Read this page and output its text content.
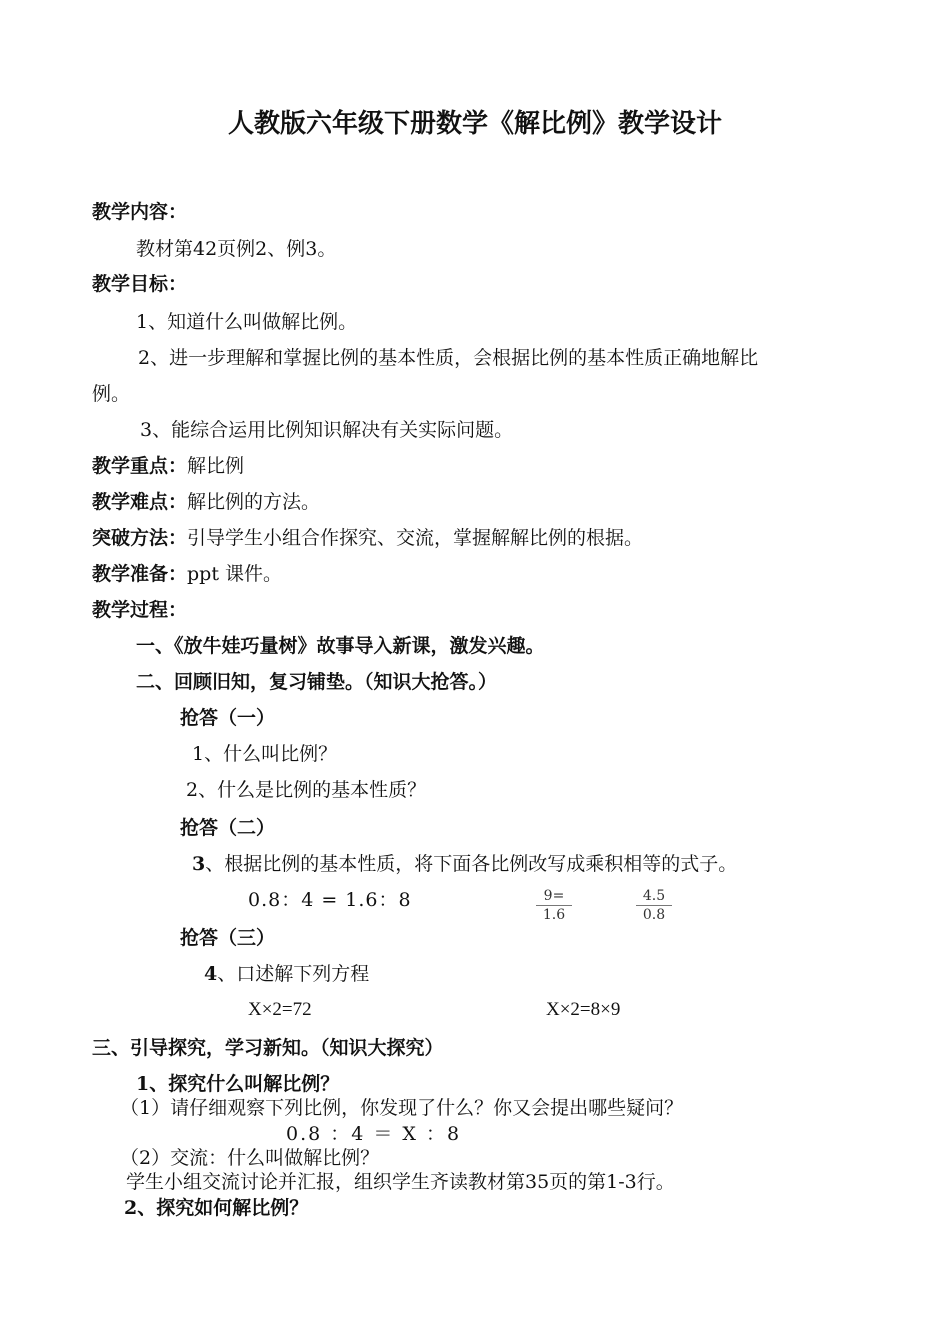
人教版六年级下册数学《解比例》教学设计
教学内容：
教材第42页例2、例3。
教学目标：
1、知道什么叫做解比例。
2、进一步理解和掌握比例的基本性质，会根据比例的基本性质正确地解比
例。
3、能综合运用比例知识解决有关实际问题。
教学重点：解比例
教学难点：解比例的方法。
突破方法：引导学生小组合作探究、交流，掌握解解比例的根据。
教学准备：ppt 课件。
教学过程：
一、《放牛娃巧量树》故事导入新课，激发兴趣。
二、回顾旧知，复习铺垫。（知识大抢答。）
抢答（一）
1、什么叫比例？
2、什么是比例的基本性质？
抢答（二）
3、根据比例的基本性质，将下面各比例改写成乘积相等的式子。
0.8：4 = 1.6：8	$\frac{9=}{1.6}$	$\frac{4.5}{0.8}$
抢答（三）
4、口述解下列方程
X×2=72	X×2=8×9
三、引导探究，学习新知。（知识大探究）
1、探究什么叫解比例？
（1）请仔细观察下列比例，你发现了什么？你又会提出哪些疑问？
0.8 ：4 ＝ X ：8
（2）交流：什么叫做解比例？
学生小组交流讨论并汇报，组织学生齐读教材第35页的第1-3行。
2、探究如何解比例？
